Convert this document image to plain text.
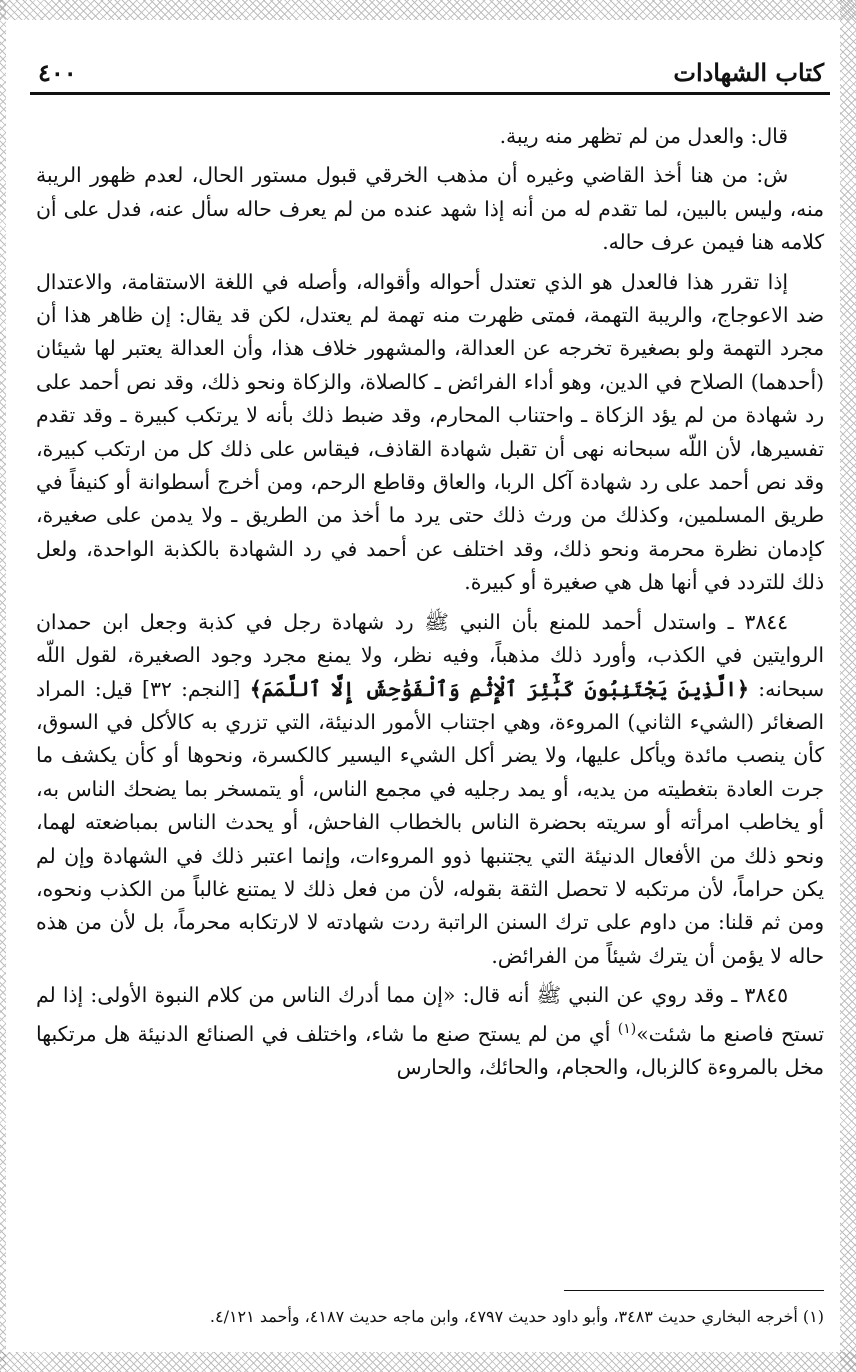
كتاب الشهادات
٤٠٠

قال: والعدل من لم تظهر منه ريبة.

ش: من هنا أخذ القاضي وغيره أن مذهب الخرقي قبول مستور الحال، لعدم ظهور الريبة منه، وليس بالبين، لما تقدم له من أنه إذا شهد عنده من لم يعرف حاله سأل عنه، فدل على أن كلامه هنا فيمن عرف حاله.

إذا تقرر هذا فالعدل هو الذي تعتدل أحواله وأقواله، وأصله في اللغة الاستقامة، والاعتدال ضد الاعوجاج، والريبة التهمة، فمتى ظهرت منه تهمة لم يعتدل، لكن قد يقال: إن ظاهر هذا أن مجرد التهمة ولو بصغيرة تخرجه عن العدالة، والمشهور خلاف هذا، وأن العدالة يعتبر لها شيئان (أحدهما) الصلاح في الدين، وهو أداء الفرائض ـ كالصلاة، والزكاة ونحو ذلك، وقد نص أحمد على رد شهادة من لم يؤد الزكاة ـ واحتناب المحارم، وقد ضبط ذلك بأنه لا يرتكب كبيرة ـ وقد تقدم تفسيرها، لأن اللّه سبحانه نهى أن تقبل شهادة القاذف، فيقاس على ذلك كل من ارتكب كبيرة، وقد نص أحمد على رد شهادة آكل الربا، والعاق وقاطع الرحم، ومن أخرج أسطوانة أو كنيفاً في طريق المسلمين، وكذلك من ورث ذلك حتى يرد ما أخذ من الطريق ـ ولا يدمن على صغيرة، كإدمان نظرة محرمة ونحو ذلك، وقد اختلف عن أحمد في رد الشهادة بالكذبة الواحدة، ولعل ذلك للتردد في أنها هل هي صغيرة أو كبيرة.

٣٨٤٤ ـ واستدل أحمد للمنع بأن النبي ﷺ رد شهادة رجل في كذبة وجعل ابن حمدان الروايتين في الكذب، وأورد ذلك مذهباً، وفيه نظر، ولا يمنع مجرد وجود الصغيرة، لقول اللّه سبحانه: ﴿الَّذِينَ يَجْتَنِبُونَ كَبَٰٓئِرَ ٱلْإِثْمِ وَٱلْفَوَٰحِشَ إِلَّا ٱللَّمَمَ﴾ [النجم: ٣٢] قيل: المراد الصغائر (الشيء الثاني) المروءة، وهي اجتناب الأمور الدنيئة، التي تزري به كالأكل في السوق، كأن ينصب مائدة ويأكل عليها، ولا يضر أكل الشيء اليسير كالكسرة، ونحوها أو كأن يكشف ما جرت العادة بتغطيته من يديه، أو يمد رجليه في مجمع الناس، أو يتمسخر بما يضحك الناس به، أو يخاطب امرأته أو سريته بحضرة الناس بالخطاب الفاحش، أو يحدث الناس بمباضعته لهما، ونحو ذلك من الأفعال الدنيئة التي يجتنبها ذوو المروءات، وإنما اعتبر ذلك في الشهادة وإن لم يكن حراماً، لأن مرتكبه لا تحصل الثقة بقوله، لأن من فعل ذلك لا يمتنع غالباً من الكذب ونحوه، ومن ثم قلنا: من داوم على ترك السنن الراتبة ردت شهادته لا لارتكابه محرماً، بل لأن من هذه حاله لا يؤمن أن يترك شيئاً من الفرائض.

٣٨٤٥ ـ وقد روي عن النبي ﷺ أنه قال: «إن مما أدرك الناس من كلام النبوة الأولى: إذا لم تستح فاصنع ما شئت»$^{(١)}$ أي من لم يستح صنع ما شاء، واختلف في الصنائع الدنيئة هل مرتكبها مخل بالمروءة كالزبال، والحجام، والحائك، والحارس

(١) أخرجه البخاري حديث ٣٤٨٣، وأبو داود حديث ٤٧٩٧، وابن ماجه حديث ٤١٨٧، وأحمد ٤/١٢١.
